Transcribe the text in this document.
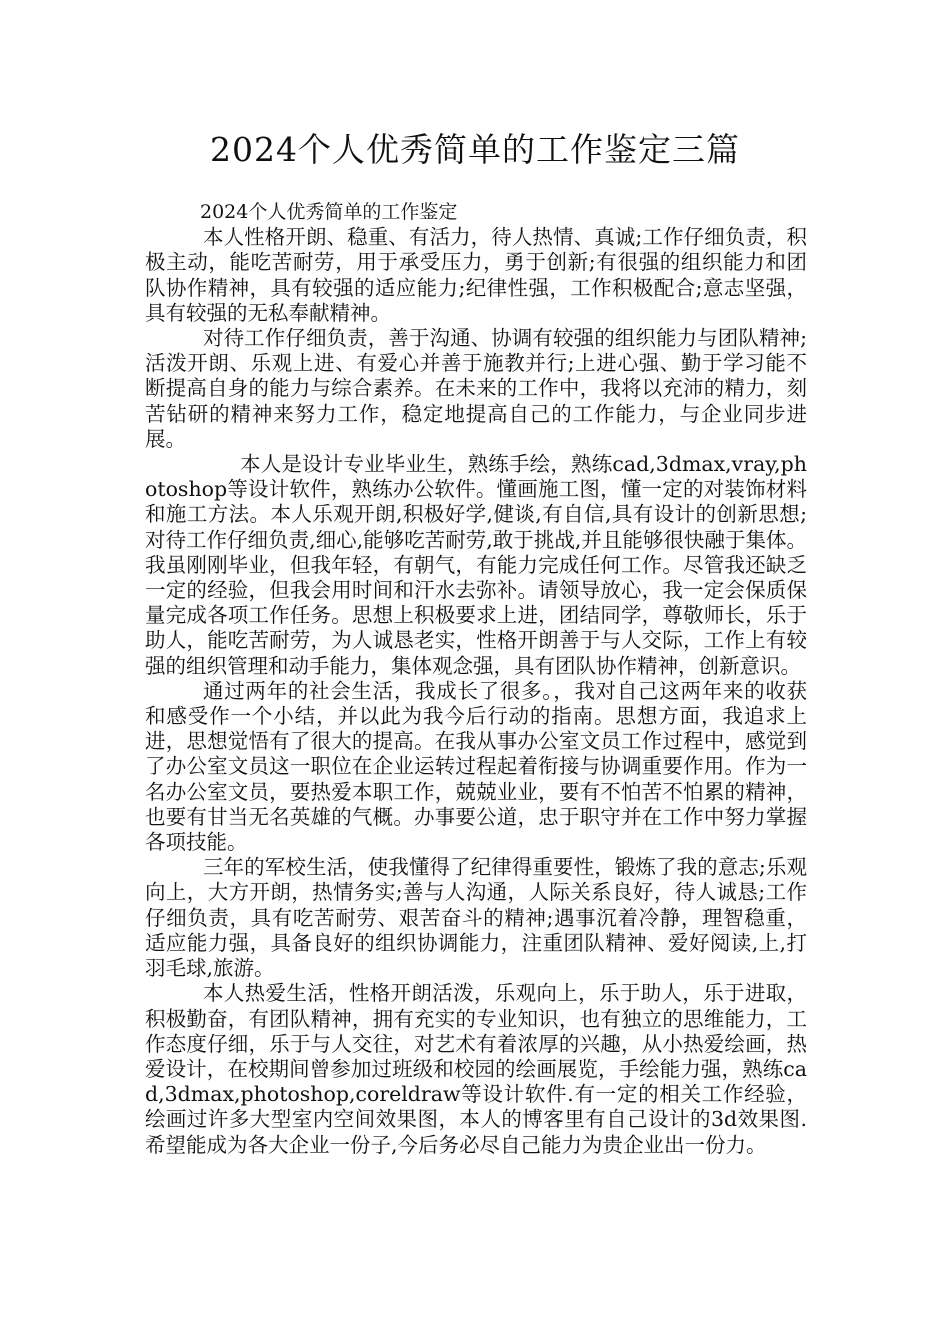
2024个人优秀简单的工作鉴定三篇

2024个人优秀简单的工作鉴定

本人性格开朗、稳重、有活力，待人热情、真诚;工作仔细负责，积极主动，能吃苦耐劳，用于承受压力，勇于创新;有很强的组织能力和团队协作精神，具有较强的适应能力;纪律性强，工作积极配合;意志坚强，具有较强的无私奉献精神。

对待工作仔细负责，善于沟通、协调有较强的组织能力与团队精神;活泼开朗、乐观上进、有爱心并善于施教并行;上进心强、勤于学习能不断提高自身的能力与综合素养。在未来的工作中，我将以充沛的精力，刻苦钻研的精神来努力工作，稳定地提高自己的工作能力，与企业同步进展。

本人是设计专业毕业生，熟练手绘，熟练cad,3dmax,vray,photoshop等设计软件，熟练办公软件。懂画施工图，懂一定的对装饰材料和施工方法。本人乐观开朗,积极好学,健谈,有自信,具有设计的创新思想;对待工作仔细负责,细心,能够吃苦耐劳,敢于挑战,并且能够很快融于集体。我虽刚刚毕业，但我年轻，有朝气，有能力完成任何工作。尽管我还缺乏一定的经验，但我会用时间和汗水去弥补。请领导放心，我一定会保质保量完成各项工作任务。思想上积极要求上进，团结同学，尊敬师长，乐于助人，能吃苦耐劳，为人诚恳老实，性格开朗善于与人交际，工作上有较强的组织管理和动手能力，集体观念强，具有团队协作精神，创新意识。

通过两年的社会生活，我成长了很多。，我对自己这两年来的收获和感受作一个小结，并以此为我今后行动的指南。思想方面，我追求上进，思想觉悟有了很大的提高。在我从事办公室文员工作过程中，感觉到了办公室文员这一职位在企业运转过程起着衔接与协调重要作用。作为一名办公室文员，要热爱本职工作，兢兢业业，要有不怕苦不怕累的精神，也要有甘当无名英雄的气概。办事要公道，忠于职守并在工作中努力掌握各项技能。

三年的军校生活，使我懂得了纪律得重要性，锻炼了我的意志;乐观向上，大方开朗，热情务实;善与人沟通，人际关系良好，待人诚恳;工作仔细负责，具有吃苦耐劳、艰苦奋斗的精神;遇事沉着冷静，理智稳重，适应能力强，具备良好的组织协调能力，注重团队精神、爱好阅读,上,打羽毛球,旅游。

本人热爱生活，性格开朗活泼，乐观向上，乐于助人，乐于进取，积极勤奋，有团队精神，拥有充实的专业知识，也有独立的思维能力，工作态度仔细，乐于与人交往，对艺术有着浓厚的兴趣，从小热爱绘画，热爱设计，在校期间曾参加过班级和校园的绘画展览，手绘能力强，熟练cad,3dmax,photoshop,coreldraw等设计软件.有一定的相关工作经验，绘画过许多大型室内空间效果图，本人的博客里有自己设计的3d效果图.希望能成为各大企业一份子,今后务必尽自己能力为贵企业出一份力。
